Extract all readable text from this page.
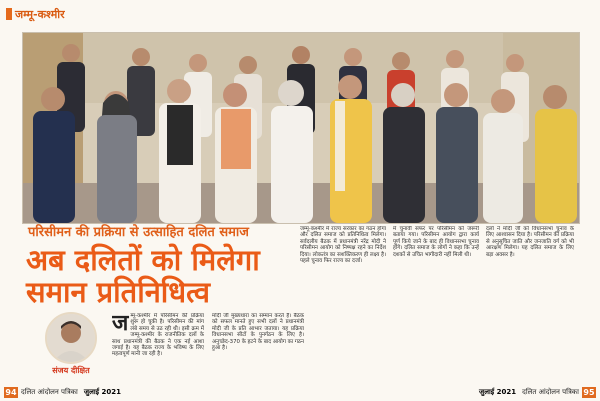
जम्मू-कश्मीर
परिसीमन की प्रक्रिया से उत्साहित दलित समाज
अब दलितों को मिलेगा
समान प्रतिनिधित्व
संजय दीक्षित
ज म्मू-कश्मीर में परिसीमन की प्रक्रिया शुरू हो चुकी है। परिसीमन की मांग लंबे समय से उठ रही थी। इसी क्रम में जम्मू-कश्मीर के राजनीतिक दलों के साथ प्रधानमंत्री की बैठक ने एक नई आशा जगाई है। यह बैठक राज्य के भविष्य के लिए महत्वपूर्ण मानी जा रही है।
मोदी जी मुख्यधारा का सम्मान करते हैं। बैठक को सफल मानते हुए सभी दलों ने प्रधानमंत्री मोदी जी के प्रति आभार जताया। यह प्रक्रिया विधानसभा सीटों के पुनर्गठन के लिए है। अनुच्छेद-370 के हटने के बाद आयोग का गठन हुआ है।
जम्मू-कश्मीर में राज्य सरकार का गठन होगा और दलित समाज को प्रतिनिधित्व मिलेगा। सर्वदलीय बैठक में प्रधानमंत्री नरेंद्र मोदी ने परिसीमन आयोग को निष्पक्ष रहने का निर्देश दिया। लोकतंत्र का सशक्तिकरण ही लक्ष्य है। पहले चुनाव फिर राज्य का दर्जा।
में चुनावी सफर पर परिसीमन को जरूरी बताया गया। परिसीमन आयोग द्वारा कार्य पूर्ण किये जाने के बाद ही विधानसभा चुनाव होंगे। दलित समाज के लोगों ने कहा कि उन्हें दशकों से उचित भागीदारी नहीं मिली थी।
दलों ने मोदी जी को विधानसभा चुनाव के लिए आश्वासन दिया है। परिसीमन की प्रक्रिया से अनुसूचित जाति और जनजाति वर्ग को भी आरक्षण मिलेगा। यह दलित समाज के लिए बड़ा अवसर है।
94 दलित आंदोलन पत्रिका जुलाई 2021	जुलाई 2021 दलित आंदोलन पत्रिका 95
